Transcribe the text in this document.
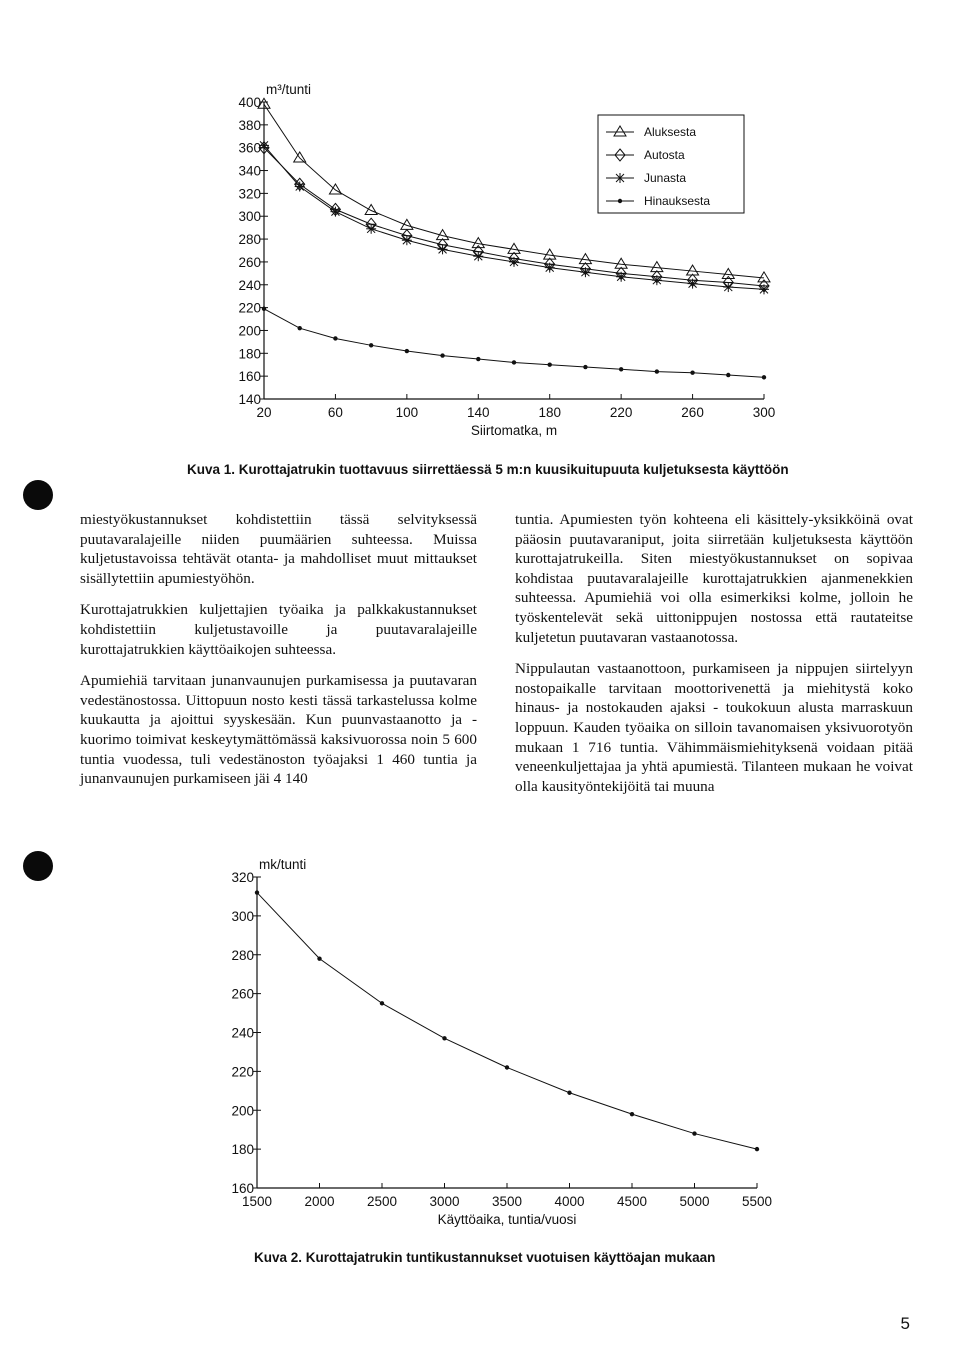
140
160
180
200
220
240
260
280
300
320
340
360
380
400
20	60	100	140	180	220	260	300
m³/tunti
Siirtomatka, m
Aluksesta
Autosta
Junasta
Hinauksesta
Kuva 1. Kurottajatrukin tuottavuus siirrettäessä 5 m:n kuusikuitupuuta kuljetuksesta käyttöön

miestyökustannukset kohdistettiin tässä selvityksessä puutavaralajeille niiden puumäärien suhteessa. Muissa kuljetustavoissa tehtävät otanta- ja mahdolliset muut mittaukset sisällytettiin apumiestyöhön.

Kurottajatrukkien kuljettajien työaika ja palkkakustannukset kohdistettiin kuljetustavoille ja puutavaralajeille kurottajatrukkien käyttöaikojen suhteessa.

Apumiehiä tarvitaan junanvaunujen purkamisessa ja puutavaran vedestänostossa. Uittopuun nosto kesti tässä tarkastelussa kolme kuukautta ja ajoittui syyskesään. Kun puunvastaanotto ja -kuorimo toimivat keskeytymättömässä kaksivuorossa noin 5 600 tuntia vuodessa, tuli vedestänoston työajaksi 1 460 tuntia ja junanvaunujen purkamiseen jäi 4 140

tuntia. Apumiesten työn kohteena eli käsittely-yksikköinä ovat pääosin puutavaraniput, joita siirretään kuljetuksesta käyttöön kurottajatrukeilla. Siten miestyökustannukset on sopivaa kohdistaa puutavaralajeille kurottajatrukkien ajanmenekkien suhteessa. Apumiehiä voi olla esimerkiksi kolme, jolloin he työskentelevät sekä uittonippujen nostossa että rautateitse kuljetetun puutavaran vastaanotossa.

Nippulautan vastaanottoon, purkamiseen ja nippujen siirtelyyn nostopaikalle tarvitaan moottorivenettä ja miehitystä koko hinaus- ja nostokauden ajaksi - toukokuun alusta marraskuun loppuun. Kauden työaika on silloin tavanomaisen yksivuorotyön mukaan 1 716 tuntia. Vähimmäismiehityksenä voidaan pitää veneenkuljettajaa ja yhtä apumiestä. Tilanteen mukaan he voivat olla kausityöntekijöitä tai muuna

160
180
200
220
240
260
280
300
320
1500 2000 2500 3000 3500 4000 4500 5000 5500
mk/tunti
Käyttöaika, tuntia/vuosi
Kuva 2. Kurottajatrukin tuntikustannukset vuotuisen käyttöajan mukaan
5
